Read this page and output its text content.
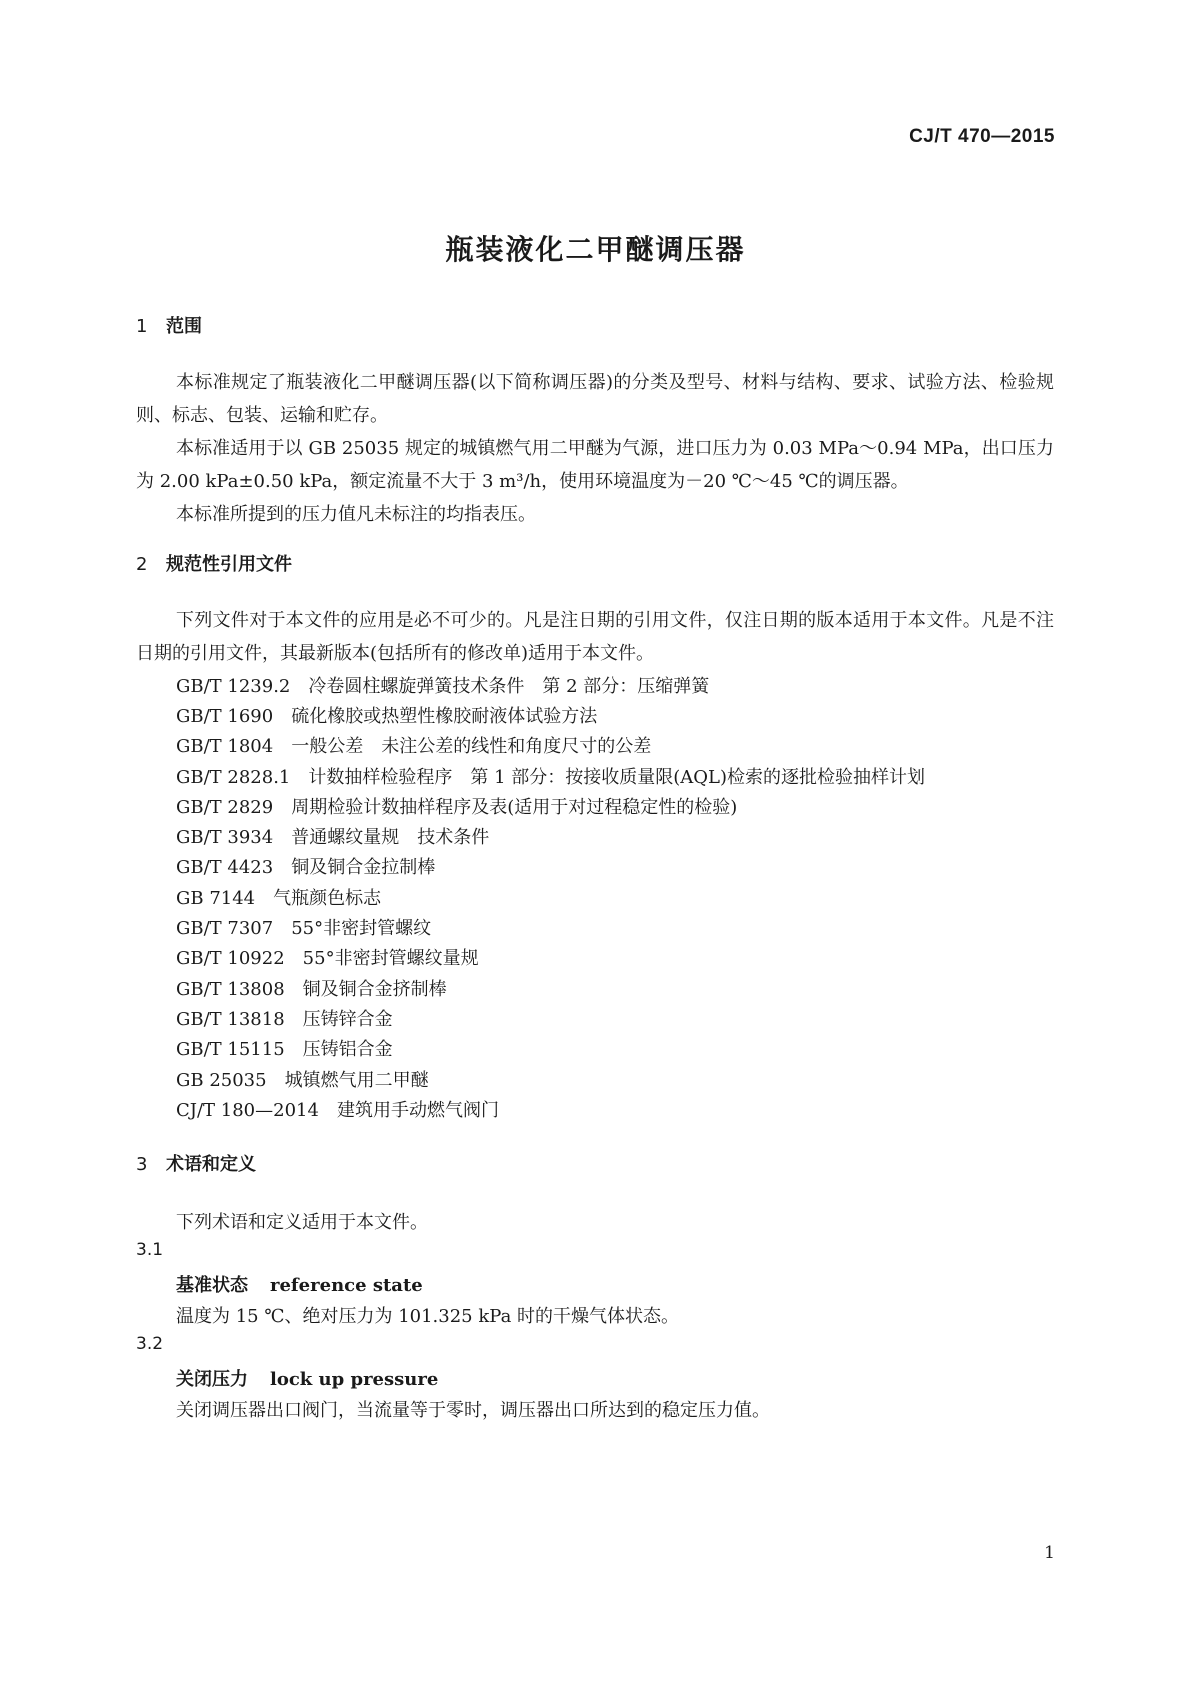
CJ/T 470—2015
瓶装液化二甲醚调压器
1 范围

本标准规定了瓶装液化二甲醚调压器(以下简称调压器)的分类及型号、材料与结构、要求、试验方法、检验规则、标志、包装、运输和贮存。

本标准适用于以 GB 25035 规定的城镇燃气用二甲醚为气源，进口压力为 0.03 MPa～0.94 MPa，出口压力为 2.00 kPa±0.50 kPa，额定流量不大于 3 m³/h，使用环境温度为－20 ℃～45 ℃的调压器。

本标准所提到的压力值凡未标注的均指表压。

2 规范性引用文件

下列文件对于本文件的应用是必不可少的。凡是注日期的引用文件，仅注日期的版本适用于本文件。凡是不注日期的引用文件，其最新版本(包括所有的修改单)适用于本文件。

GB/T 1239.2 冷卷圆柱螺旋弹簧技术条件　第 2 部分：压缩弹簧
GB/T 1690 硫化橡胶或热塑性橡胶耐液体试验方法
GB/T 1804 一般公差　未注公差的线性和角度尺寸的公差
GB/T 2828.1 计数抽样检验程序　第 1 部分：按接收质量限(AQL)检索的逐批检验抽样计划
GB/T 2829 周期检验计数抽样程序及表(适用于对过程稳定性的检验)
GB/T 3934 普通螺纹量规　技术条件
GB/T 4423 铜及铜合金拉制棒
GB 7144 气瓶颜色标志
GB/T 7307 55°非密封管螺纹
GB/T 10922 55°非密封管螺纹量规
GB/T 13808 铜及铜合金挤制棒
GB/T 13818 压铸锌合金
GB/T 15115 压铸铝合金
GB 25035 城镇燃气用二甲醚
CJ/T 180—2014 建筑用手动燃气阀门
3 术语和定义
下列术语和定义适用于本文件。
3.1
基准状态 reference state
温度为 15 ℃、绝对压力为 101.325 kPa 时的干燥气体状态。
3.2
关闭压力 lock up pressure
关闭调压器出口阀门，当流量等于零时，调压器出口所达到的稳定压力值。
1
